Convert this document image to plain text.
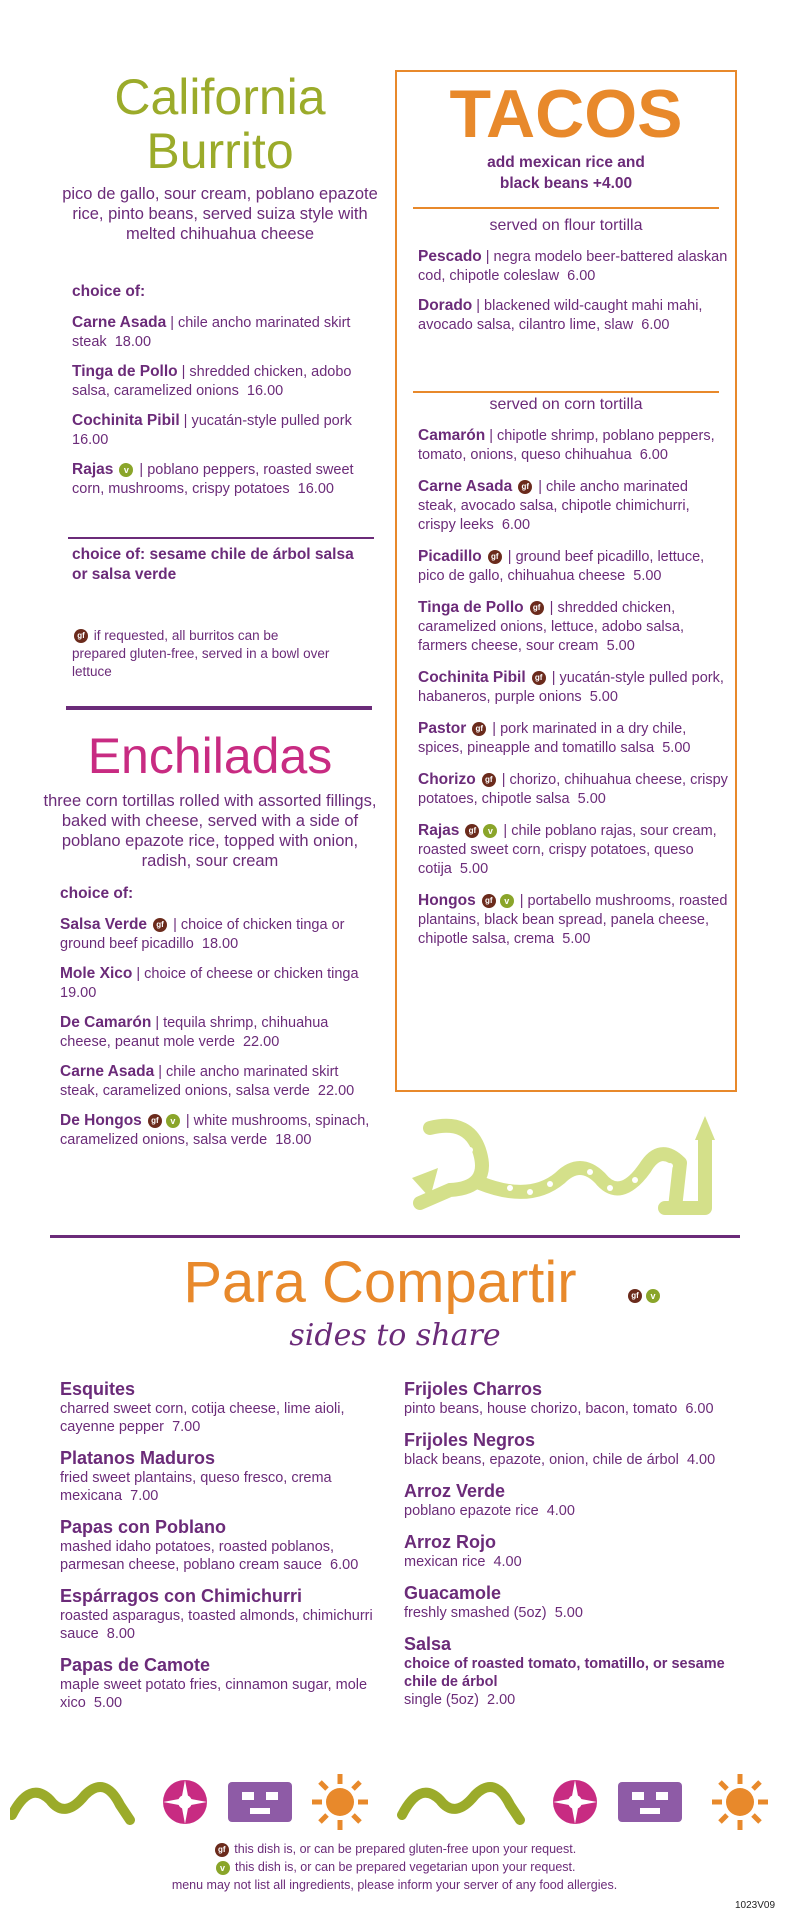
California
Burrito
pico de gallo, sour cream, poblano epazote rice, pinto beans, served suiza style with melted chihuahua cheese
choice of:
Carne Asada | chile ancho marinated skirt steak 18.00
Tinga de Pollo | shredded chicken, adobo salsa, caramelized onions 16.00
Cochinita Pibil | yucatán-style pulled pork  16.00
Rajas v | poblano peppers, roasted sweet corn, mushrooms, crispy potatoes 16.00
choice of: sesame chile de árbol salsa or salsa verde
gf if requested, all burritos can be prepared gluten-free, served in a bowl over lettuce
Enchiladas
three corn tortillas rolled with assorted fillings, baked with cheese, served with a side of poblano epazote rice, topped with onion, radish, sour cream
choice of:
Salsa Verde gf | choice of chicken tinga or ground beef picadillo 18.00
Mole Xico | choice of cheese or chicken tinga  19.00
De Camarón | tequila shrimp, chihuahua cheese, peanut mole verde 22.00
Carne Asada | chile ancho marinated skirt steak, caramelized onions, salsa verde 22.00
De Hongos gf v | white mushrooms, spinach, caramelized onions, salsa verde 18.00
TACOS
add mexican rice and
black beans +4.00
served on flour tortilla
Pescado | negra modelo beer-battered alaskan cod, chipotle coleslaw 6.00
Dorado | blackened wild-caught mahi mahi, avocado salsa, cilantro lime, slaw 6.00
served on corn tortilla
Camarón | chipotle shrimp, poblano peppers, tomato, onions, queso chihuahua 6.00
Carne Asada gf | chile ancho marinated steak, avocado salsa, chipotle chimichurri, crispy leeks 6.00
Picadillo gf | ground beef picadillo, lettuce, pico de gallo, chihuahua cheese 5.00
Tinga de Pollo gf | shredded chicken, caramelized onions, lettuce, adobo salsa, farmers cheese, sour cream 5.00
Cochinita Pibil gf | yucatán-style pulled pork, habaneros, purple onions 5.00
Pastor gf | pork marinated in a dry chile, spices, pineapple and tomatillo salsa 5.00
Chorizo gf | chorizo, chihuahua cheese, crispy potatoes, chipotle salsa 5.00
Rajas gf v | chile poblano rajas, sour cream, roasted sweet corn, crispy potatoes, queso cotija 5.00
Hongos gf v | portabello mushrooms, roasted plantains, black bean spread, panela cheese, chipotle salsa, crema 5.00
Para Compartir	gf v
sides to share
Esquites
charred sweet corn, cotija cheese, lime aioli, cayenne pepper 7.00
Platanos Maduros
fried sweet plantains, queso fresco, crema mexicana 7.00
Papas con Poblano
mashed idaho potatoes, roasted poblanos, parmesan cheese, poblano cream sauce 6.00
Espárragos con Chimichurri
roasted asparagus, toasted almonds, chimichurri sauce 8.00
Papas de Camote
maple sweet potato fries, cinnamon sugar, mole xico 5.00
Frijoles Charros
pinto beans, house chorizo, bacon, tomato 6.00
Frijoles Negros
black beans, epazote, onion, chile de árbol 4.00
Arroz Verde
poblano epazote rice 4.00
Arroz Rojo
mexican rice 4.00
Guacamole
freshly smashed (5oz) 5.00
Salsa
choice of roasted tomato, tomatillo, or sesame chile de árbol
single (5oz) 2.00
gf this dish is, or can be prepared gluten-free upon your request.
v this dish is, or can be prepared vegetarian upon your request.
menu may not list all ingredients, please inform your server of any food allergies.
1023V09
